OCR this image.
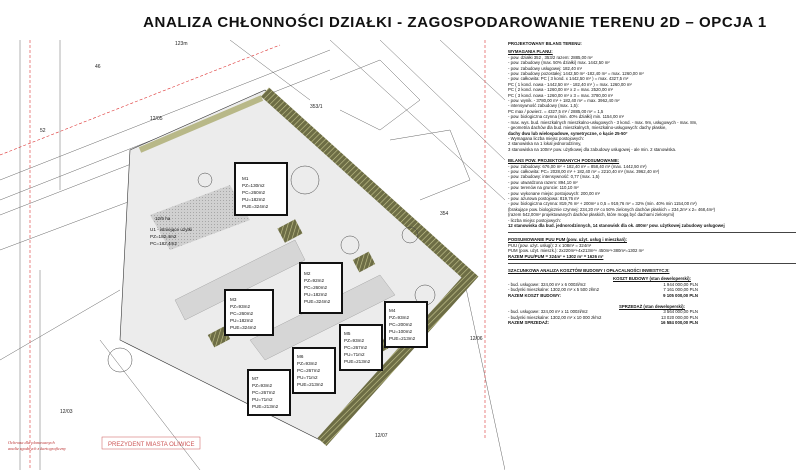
ANALIZA CHŁONNOŚCI DZIAŁKI - ZAGOSPODAROWANIE TERENU 2D – OPCJA 1
12/5 ha
U1 - istniejące użytki
PZ=182,4m2
PC=182,4m2
M1
PZ=130m2
PC=260m2
PU=182m2
PUE=324m2
M2
PZ=92m2
PC=260m2
PU=182m2
PUE=324m2
M3
PZ=93m2
PC=260m2
PU=182m2
PUE=324m2
M4
PZ=93m2
PC=200m2
PU=100m2
PUE=213m2
M5
PZ=93m2
PC=267m2
PU=71m2
PUE=213m2
M6
PZ=93m2
PC=267m2
PU=71m2
PUE=213m2
M7
PZ=93m2
PC=267m2
PU=71m2
PUE=213m2
353/1
354
46
52
123m
12/03
12/05
12/06
12/07
Ochrona dla planowanych
analiz zgodnych z kartograficzny
PREZYDENT MIASTA OLIWICE
PROJEKTOWANY BILANS TERENU:
WYMAGANIA PLANU:
- pow. działki 352 , 353/2 razem: 2885,00 m²
- pow. zabudowy (max. 50% działki) max. 1442,50 m²
- pow. zabudowy usługowej: 182,40 m²
- pow. zabudowy pozostałej: 1442,50 m² -182,40 m² = max. 1260,00 m²
- pow. całkowita: PC ( 3 kond. x 1442,50 m² ) = max. 4327,5 m²
PC ( 1 kond. nowa - 1442,50 m² - 182,40 m² ) = max. 1260,00 m²
PC ( 2 kond. nowa - 1260,00 m² x 2 = max. 2520,00 m²
PC ( 3 kond. nowa - 1260,00 m² x 3 = max. 3780,00 m²
- pow. wynik. - 3780,00 m² + 182,40 m² = max. 3962,40 m²
- intensywność zabudowy (max. 1,5):
PC max / powierz. = 4327,5 m² / 2885,00 m² = 1,5
- pow. biologiczna czynna (min. 40% działki) min. 1154,00 m²
- max. wys. bud. mieszkalnych mieszkalno-usługowych - 3 kond. - max. 9m, usługowych - max. 8m,
- geometria dachów dla bud. mieszkalnych, mieszkalno-usługowych: dachy płaskie,
dachy dwu lub wielospadowe, symetryczne, o kącie 25-50°
- Wymagana liczba miejsc postojowych:
2 stanowiska na 1 lokal jednorodzinny,
3 stanowiska na 100m² pow. użytkowej dla zabudowy usługowej - ale min. 2 stanowiska.
BILANS POW. PROJEKTOWANYCH PODSUMOWANIE:
- pow. zabudowy: 676,00 m² + 182,40 m² = 858,40 m² (max. 1442,50 m²)
- pow. całkowita: PC= 2028,00 m² + 182,40 m² = 2210,40 m² (max. 3962,40 m²)
- pow. zabudowy: intensywność: 0,77 (max. 1,5)
- pow. utwardzona razem: 894,10 m²
- pow. terenów na gruncie: 110,10 m²
- pow. wykonane miejsc postojowych: 200,00 m²
- pow. ażurowa postojowa: 819,76 m²
- pow. biologiczna czynna: 819,76 m² + 200m² x 0,5 = 919,76 m² = 32% (min. 40% min 1154,00 m²)
(brakujące pow. biologicznie czynnej: 234,20 m² co 50% zielonych dachów płaskich = 234,2m² x 2= 468,4m²)
(razem 542,00m² projektowanych dachów płaskich, które mogą być dachami zielonymi)
- liczba miejsc postojowych:
12 stanowiska dla bud. jednorodzinnych, 14 stanowisk dla ok. 400m² pow. użytkowej zabudowy usługowej
PODSUMOWANIE PUU PUM (pow. użyt. usług i mieszkań):
PUU (pow. użyt. usługi): 2 x 108m² = 324m²
PUM (pow. użyt. mieszk.): 2x220m²+4x213m²+ 450m²+380m²=1302 m²
RAZEM PUU/PUM = 324m² + 1302 m² = 1626 m²
SZACUNKOWA ANALIZA KOSZTÓW BUDOWY I OPŁACALNOŚCI INWESTYCJI:
KOSZT BUDOWY (stan deweloperski):
- bud. usługowe: 324,00 m² x 6 000zł/m2	1 944 000,00 PLN
- budynki mieszkalne: 1302,00 m² x 5 500 zł/m2	7 161 000,00 PLN
RAZEM KOSZT BUDOWY:	9 105 000,00 PLN
SPRZEDAŻ (stan deweloperski):
- bud. usługowe: 324,00 m² x 11 000zł/m2	3 564 000,00 PLN
- budynki mieszkalne: 1302,00 m² x 10 000 zł/m2	13 020 000,00 PLN
RAZEM SPRZEDAŻ:	16 584 000,00 PLN
